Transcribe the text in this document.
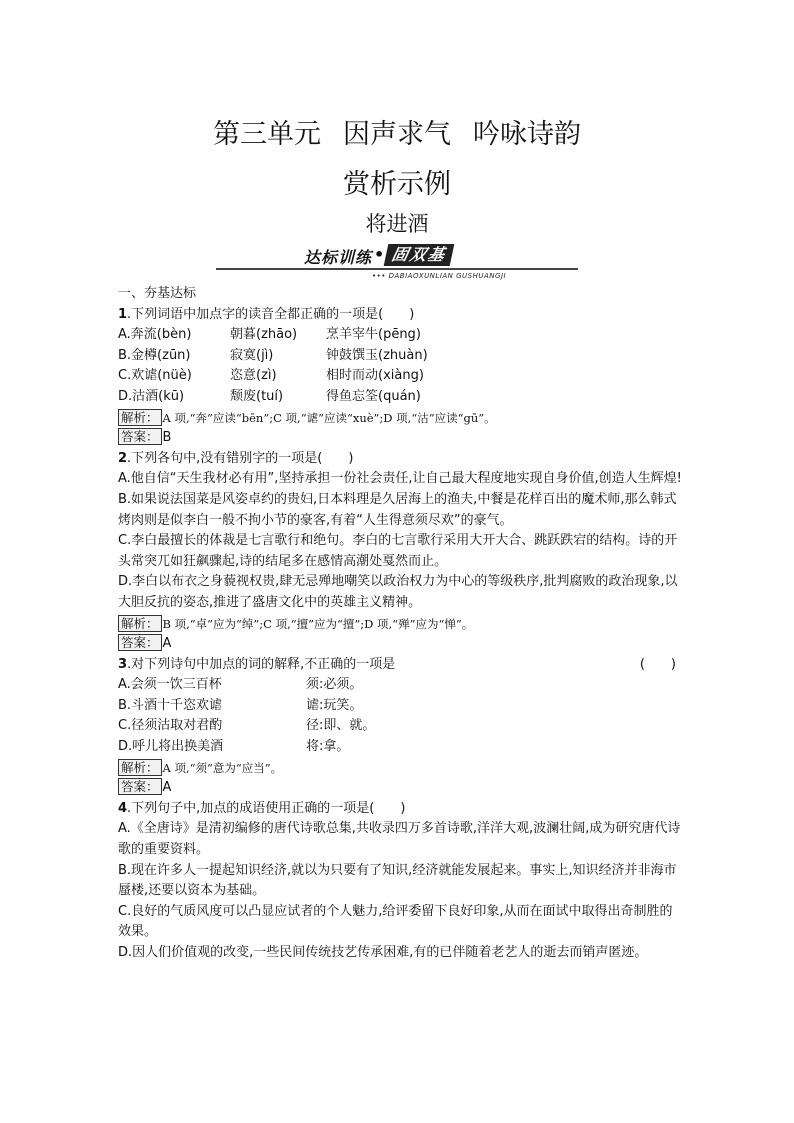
第三单元 因声求气 吟咏诗韵
赏析示例
将进酒
达标训练 • 固双基
••• DABIAOXUNLIAN GUSHUANGJI
一、夯基达标
1.下列词语中加点字的读音全都正确的一项是(　　)
A.奔流(bèn)	朝暮(zhāo) 烹羊宰牛(pēng)
B.金樽(zūn)	寂寞(jì)	钟鼓馔玉(zhuàn)
C.欢谑(nüè)	恣意(zì)	相时而动(xiàng)
D.沽酒(kū)	颓废(tuí)	得鱼忘筌(quán)
解析： A 项,“奔”应读“bēn”;C 项,“谑”应读“xuè”;D 项,“沽”应读“gū”。
答案： B
2.下列各句中,没有错别字的一项是(　　)
A.他自信“天生我材必有用”,坚持承担一份社会责任,让自己最大程度地实现自身价值,创造人生辉煌!
B.如果说法国菜是风姿卓约的贵妇,日本料理是久居海上的渔夫,中餐是花样百出的魔术师,那么韩式烤肉则是似李白一般不拘小节的豪客,有着“人生得意须尽欢”的豪气。
C.李白最擅长的体裁是七言歌行和绝句。李白的七言歌行采用大开大合、跳跃跌宕的结构。诗的开头常突兀如狂飙骤起,诗的结尾多在感情高潮处戛然而止。
D.李白以布衣之身藐视权贵,肆无忌殚地嘲笑以政治权力为中心的等级秩序,批判腐败的政治现象,以大胆反抗的姿态,推进了盛唐文化中的英雄主义精神。
解析： B 项,“卓”应为“绰”;C 项,“擅”应为“擅”;D 项,“殚”应为“惮”。
答案： A
3.对下列诗句中加点的词的解释,不正确的一项是	(　　)
A.会须一饮三百杯	须:必须。
B.斗酒十千恣欢谑	谑:玩笑。
C.径须沽取对君酌	径:即、就。
D.呼儿将出换美酒	将:拿。
解析： A 项,“须”意为“应当”。
答案： A
4.下列句子中,加点的成语使用正确的一项是(　　)
A.《全唐诗》是清初编修的唐代诗歌总集,共收录四万多首诗歌,洋洋大观,波澜壮阔,成为研究唐代诗歌的重要资料。
B.现在许多人一提起知识经济,就以为只要有了知识,经济就能发展起来。事实上,知识经济并非海市蜃楼,还要以资本为基础。
C.良好的气质风度可以凸显应试者的个人魅力,给评委留下良好印象,从而在面试中取得出奇制胜的效果。
D.因人们价值观的改变,一些民间传统技艺传承困难,有的已伴随着老艺人的逝去而销声匿迹。
